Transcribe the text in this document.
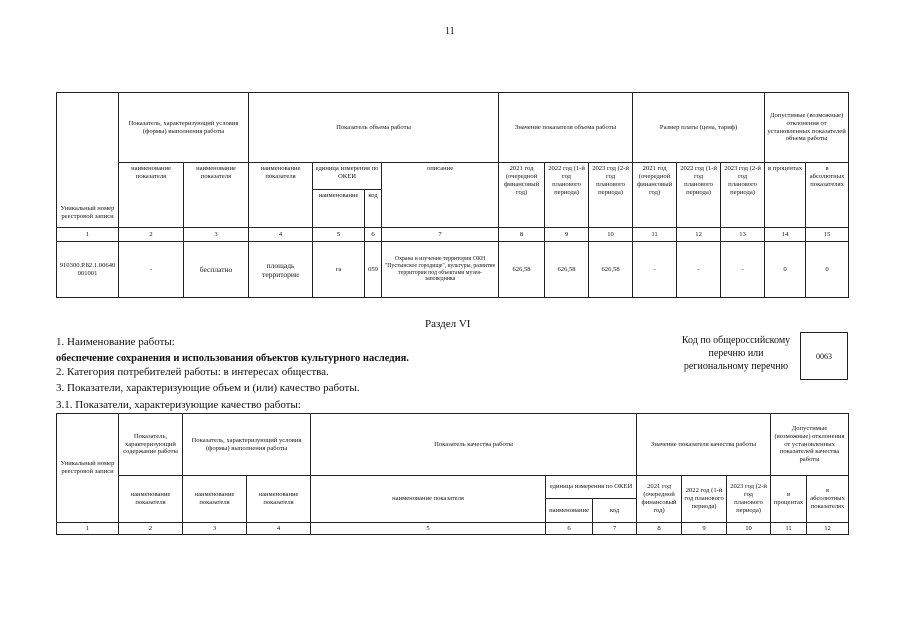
11
Уникальный номер реестровой записи	Показатель, характеризующий условия (формы) выполнения работы		Показатель объема работы				Значение показателя объема работы			Размер платы (цена, тариф)			Допустимые (возможные) отклонения от установленных показателей объема работы	
	наименование показателя	наименование показателя	наименование показателя	единица измерения по ОКЕИ		описание	2021 год (очередной финансовый год)	2022 год (1-й год планового периода)	2023 год (2-й год планового периода)	2021 год (очередной финансовый год)	2022 год (1-й год планового периода)	2023 год (2-й год планового периода)	в процентах	в абсолютных показателях
				наименование	код									
1	2	3	4	5	6	7	8	9	10	11	12	13	14	15
910300.Р.82.1.00640001001	-	бесплатно	площадь территории	га	059	Охрана и изучение территории ОКН "Пустынское городище", культуры, развитие территории под объектами музея-заповедника	626,58	626,58	626,58	-	-	-	0	0
Раздел VI
1. Наименование работы:
обеспечение сохранения и использования объектов культурного наследия.
2. Категория потребителей работы: в интересах общества.
3. Показатели, характеризующие объем и (или) качество работы.
3.1. Показатели, характеризующие качество работы:
Код по общероссийскому перечню или региональному перечню
0063
Уникальный номер реестровой записи	Показатель, характеризующий содержание работы	Показатель, характеризующий условия (формы) выполнения работы		Показатель качества работы			Значение показателя качества работы			Допустимые (возможные) отклонения от установленных показателей качества работы	
	наименование показателя	наименование показателя	наименование показателя	наименование показателя	единица измерения по ОКЕИ		2021 год (очередной финансовый год)	2022 год (1-й год планового периода)	2023 год (2-й год планового периода)	в процентах	в абсолютных показателях
					наименование	код					
1	2	3	4	5	6	7	8	9	10	11	12
